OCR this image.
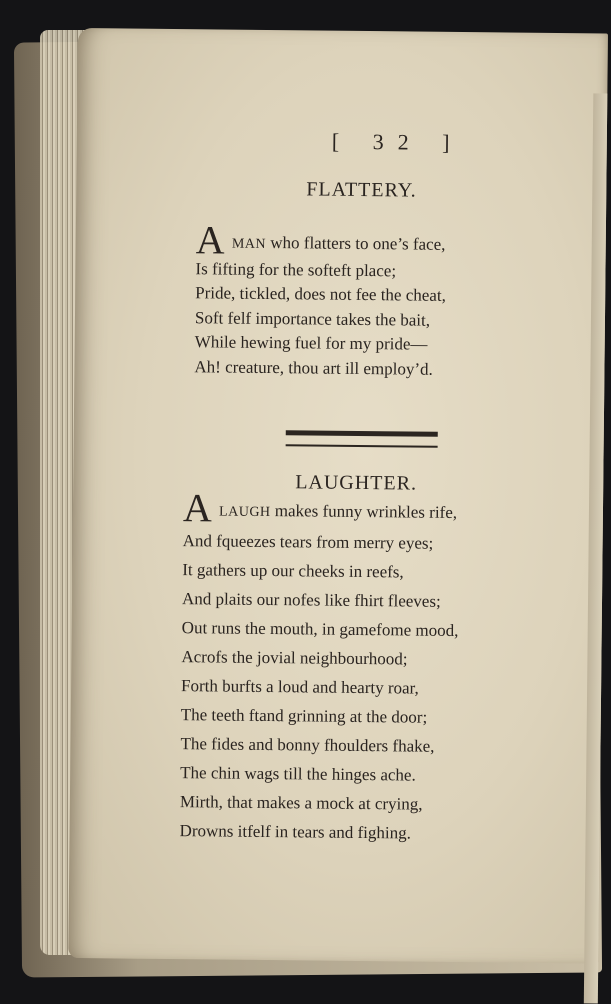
[ 32 ]
FLATTERY.
A MAN who flatters to one’s face,
Is fifting for the softeft place;
Pride, tickled, does not fee the cheat,
Soft felf importance takes the bait,
While hewing fuel for my pride—
Ah! creature, thou art ill employ’d.
LAUGHTER.
A LAUGH makes funny wrinkles rife,
And fqueezes tears from merry eyes;
It gathers up our cheeks in reefs,
And plaits our nofes like fhirt fleeves;
Out runs the mouth, in gamefome mood,
Acrofs the jovial neighbourhood;
Forth burfts a loud and hearty roar,
The teeth ftand grinning at the door;
The fides and bonny fhoulders fhake,
The chin wags till the hinges ache.
Mirth, that makes a mock at crying,
Drowns itfelf in tears and fighing.
